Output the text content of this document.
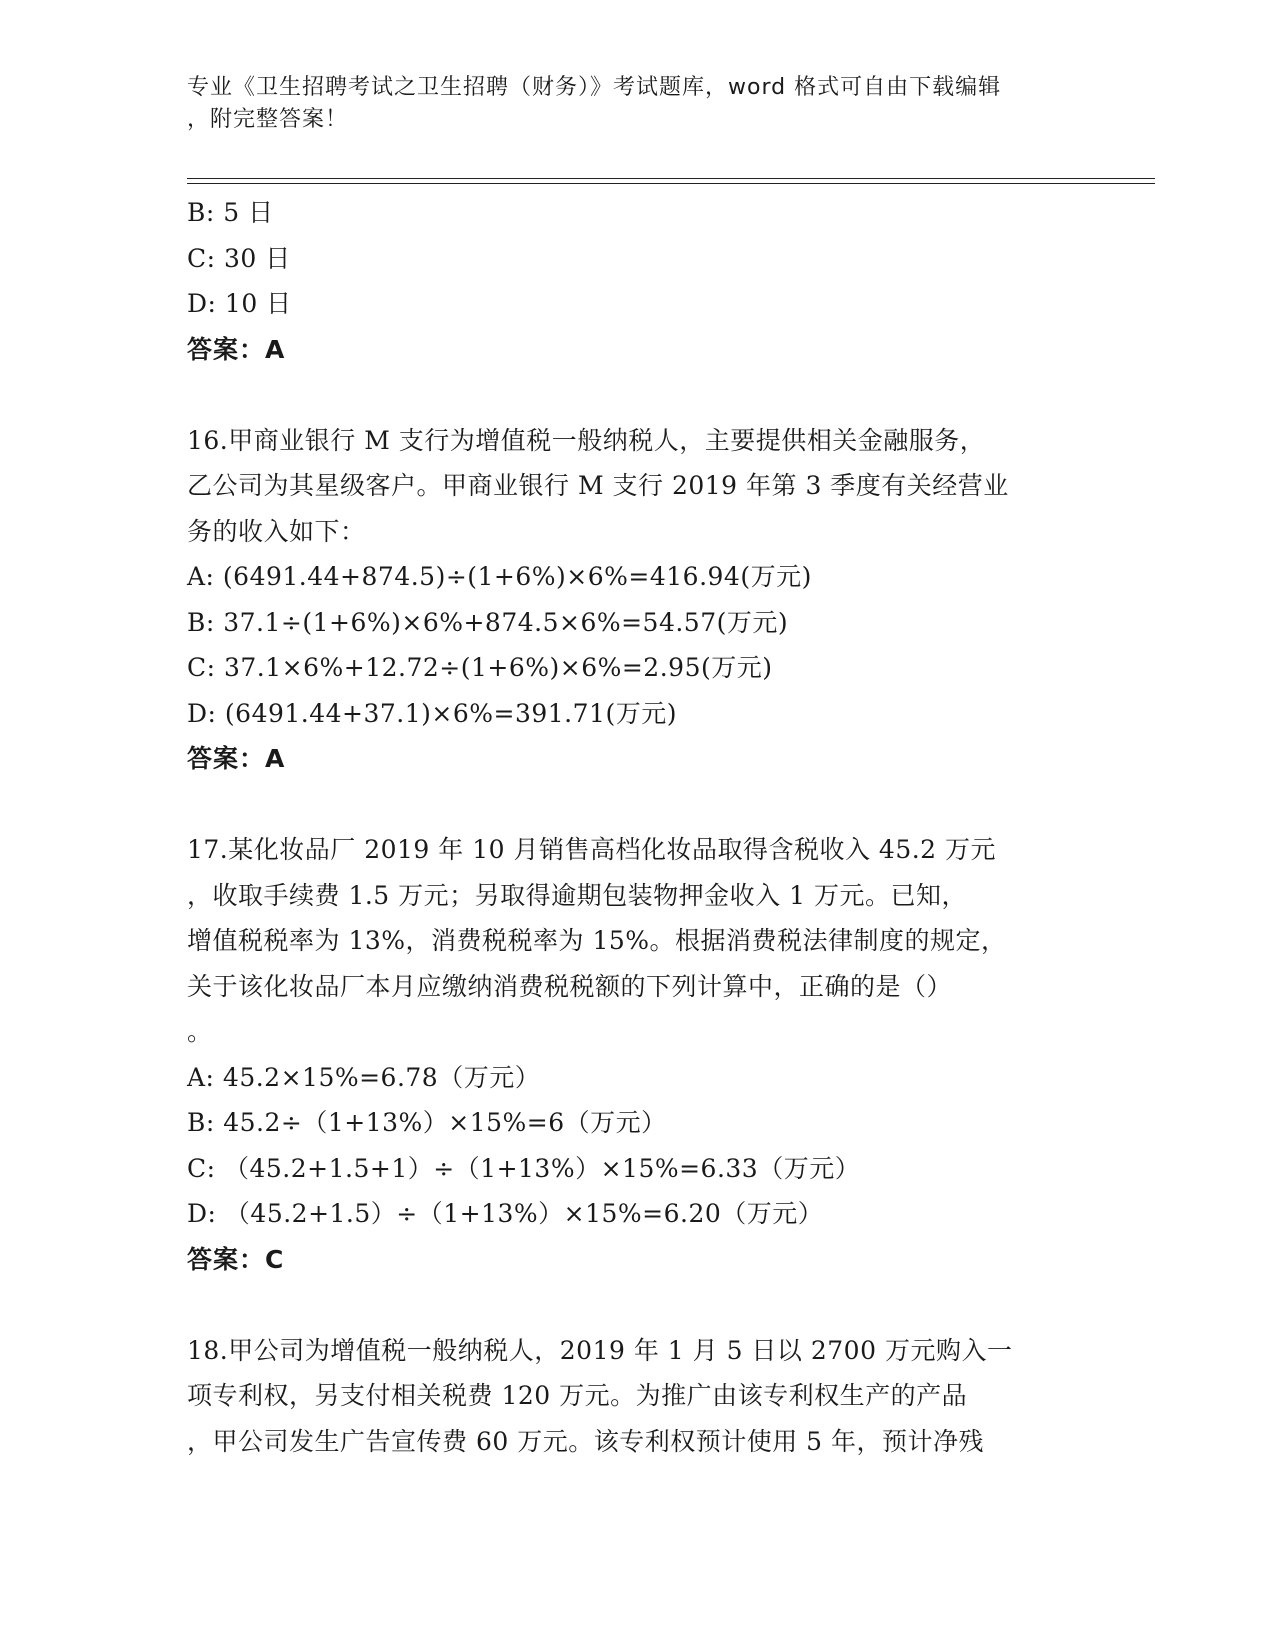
专业《卫生招聘考试之卫生招聘（财务）》考试题库，word 格式可自由下载编辑
，附完整答案！
B: 5 日
C: 30 日
D: 10 日
答案：A
16.甲商业银行 M 支行为增值税一般纳税人，主要提供相关金融服务，
乙公司为其星级客户。甲商业银行 M 支行 2019 年第 3 季度有关经营业
务的收入如下：
A: (6491.44+874.5)÷(1+6%)×6%=416.94(万元)
B: 37.1÷(1+6%)×6%+874.5×6%=54.57(万元)
C: 37.1×6%+12.72÷(1+6%)×6%=2.95(万元)
D: (6491.44+37.1)×6%=391.71(万元)
答案：A
17.某化妆品厂 2019 年 10 月销售高档化妆品取得含税收入 45.2 万元
，收取手续费 1.5 万元；另取得逾期包装物押金收入 1 万元。已知，
增值税税率为 13%，消费税税率为 15%。根据消费税法律制度的规定，
关于该化妆品厂本月应缴纳消费税税额的下列计算中，正确的是（）
。
A: 45.2×15%=6.78（万元）
B: 45.2÷（1+13%）×15%=6（万元）
C: （45.2+1.5+1）÷（1+13%）×15%=6.33（万元）
D: （45.2+1.5）÷（1+13%）×15%=6.20（万元）
答案：C
18.甲公司为增值税一般纳税人，2019 年 1 月 5 日以 2700 万元购入一
项专利权，另支付相关税费 120 万元。为推广由该专利权生产的产品
，甲公司发生广告宣传费 60 万元。该专利权预计使用 5 年，预计净残
